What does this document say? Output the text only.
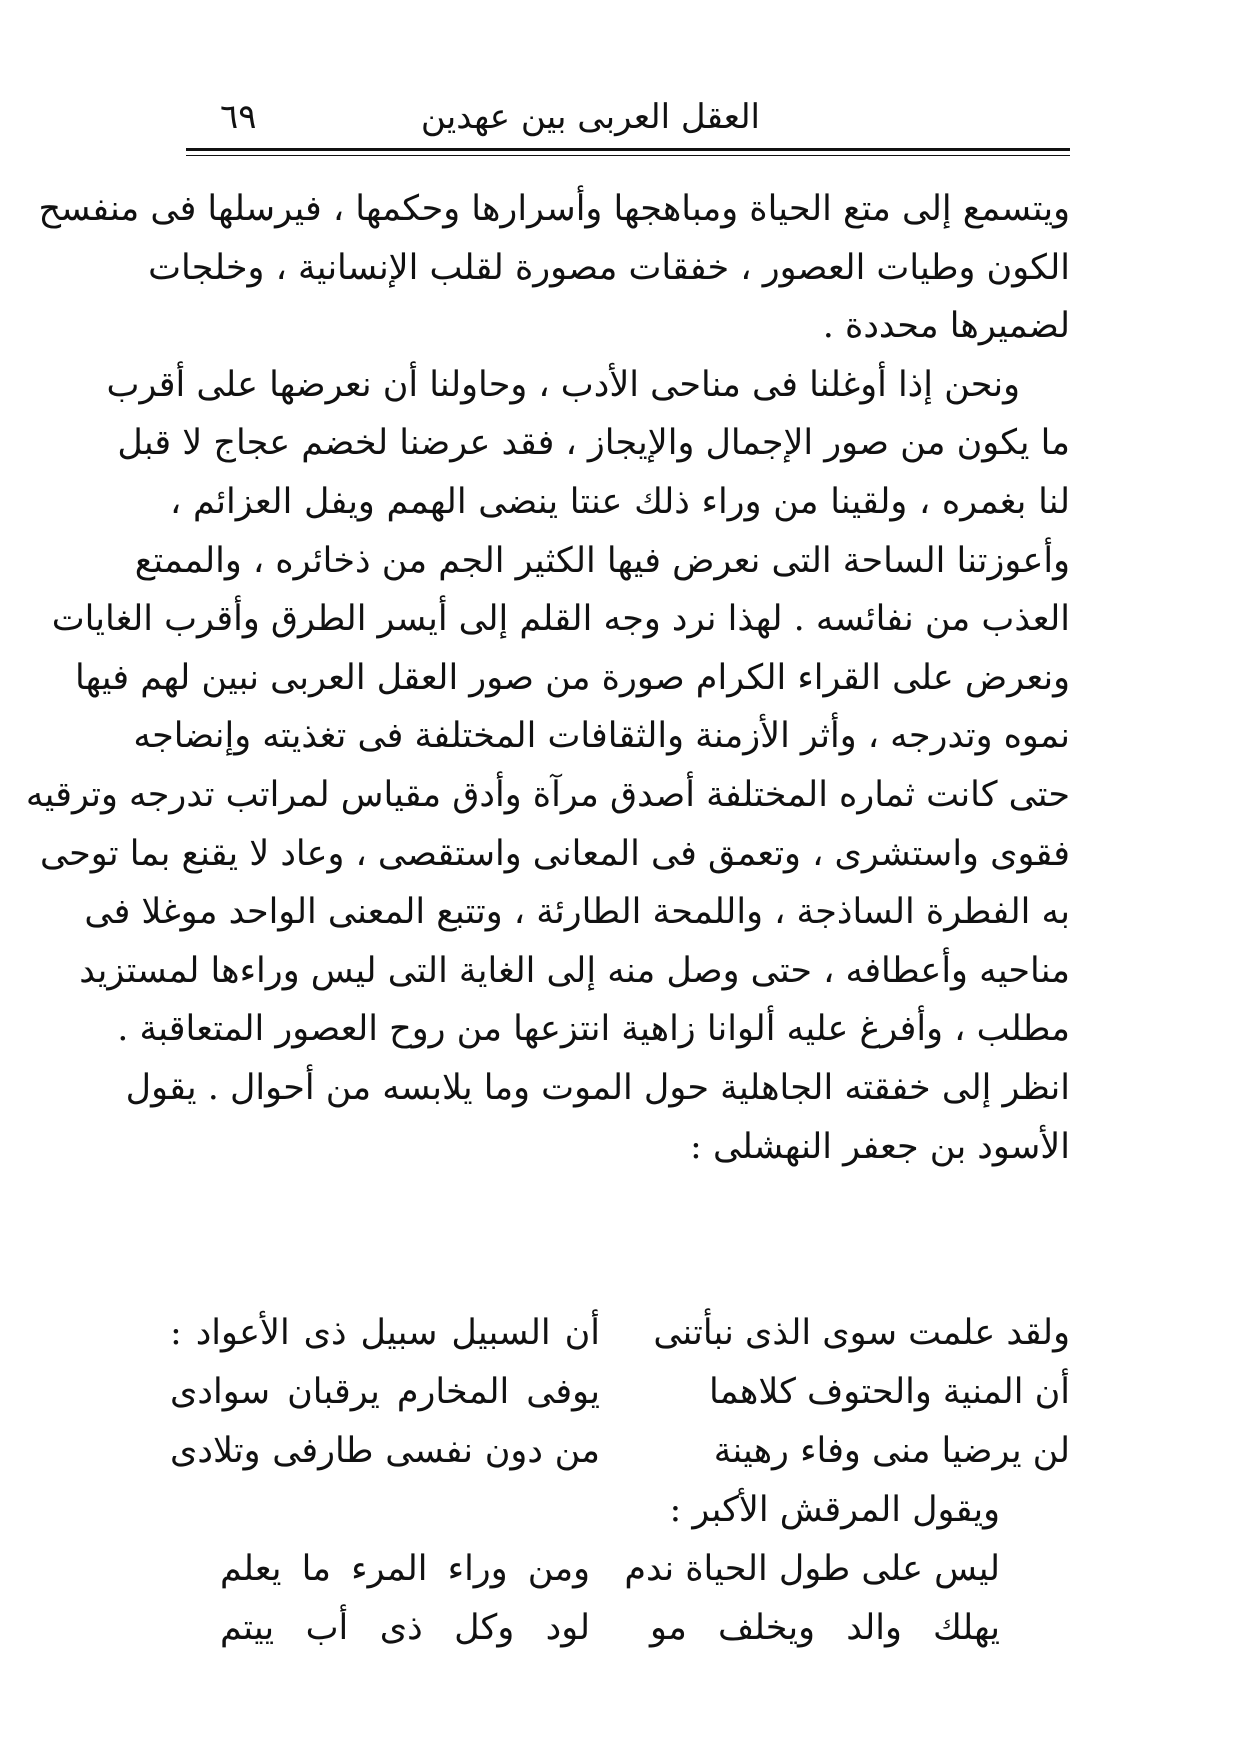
العقل العربى بين عهدين
٦٩
ويتسمع إلى متع الحياة ومباهجها وأسرارها وحكمها ، فيرسلها فى منفسح
الكون وطيات العصور ، خفقات مصورة لقلب الإنسانية ، وخلجات
لضميرها محددة .
ونحن إذا أوغلنا فى مناحى الأدب ، وحاولنا أن نعرضها على أقرب
ما يكون من صور الإجمال والإيجاز ، فقد عرضنا لخضم عجاج لا قبل
لنا بغمره ، ولقينا من وراء ذلك عنتا ينضى الهمم ويفل العزائم ،
وأعوزتنا الساحة التى نعرض فيها الكثير الجم من ذخائره ، والممتع
العذب من نفائسه . لهذا نرد وجه القلم إلى أيسر الطرق وأقرب الغايات
ونعرض على القراء الكرام صورة من صور العقل العربى نبين لهم فيها
نموه وتدرجه ، وأثر الأزمنة والثقافات المختلفة فى تغذيته وإنضاجه
حتى كانت ثماره المختلفة أصدق مرآة وأدق مقياس لمراتب تدرجه وترقيه
فقوى واستشرى ، وتعمق فى المعانى واستقصى ، وعاد لا يقنع بما توحى
به الفطرة الساذجة ، واللمحة الطارئة ، وتتبع المعنى الواحد موغلا فى
مناحيه وأعطافه ، حتى وصل منه إلى الغاية التى ليس وراءها لمستزيد
مطلب ، وأفرغ عليه ألوانا زاهية انتزعها من روح العصور المتعاقبة .
انظر إلى خفقته الجاهلية حول الموت وما يلابسه من أحوال . يقول
الأسود بن جعفر النهشلى :
ولقد علمت سوى الذى نبأتنى
أن السبيل سبيل ذى الأعواد :
أن المنية والحتوف كلاهما
يوفى المخارم يرقبان سوادى
لن يرضيا منى وفاء رهينة
من دون نفسى طارفى وتلادى
ويقول المرقش الأكبر :
ليس على طول الحياة ندم
ومن وراء المرء ما يعلم
يهلك والد ويخلف مو
لود وكل ذى أب ييتم
